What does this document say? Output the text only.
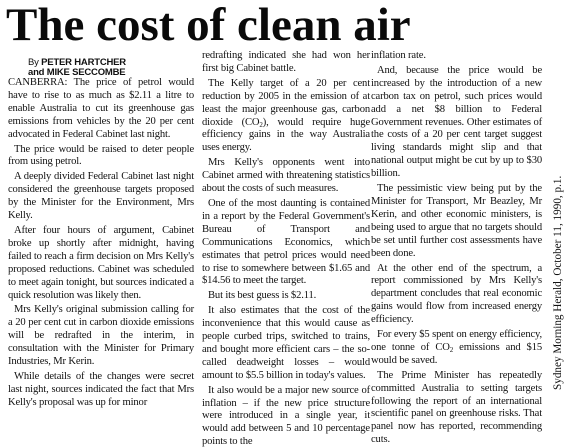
The cost of clean air
By PETER HARTCHER
and MIKE SECCOMBE

CANBERRA: The price of petrol would have to rise to as much as $2.11 a litre to enable Australia to cut its greenhouse gas emissions from vehicles by the 20 per cent advocated in Federal Cabinet last night.

The price would be raised to deter people from using petrol.

A deeply divided Federal Cabinet last night considered the greenhouse targets proposed by the Minister for the Environment, Mrs Kelly.

After four hours of argument, Cabinet broke up shortly after midnight, having failed to reach a firm decision on Mrs Kelly's proposed reductions. Cabinet was scheduled to meet again tonight, but sources indicated a quick resolution was likely then.

Mrs Kelly's original submission calling for a 20 per cent cut in carbon dioxide emissions will be redrafted in the interim, in consultation with the Minister for Primary Industries, Mr Kerin.

While details of the changes were secret last night, sources indicated the fact that Mrs Kelly's proposal was up for minor

redrafting indicated she had won her first big Cabinet battle.

The Kelly target of a 20 per cent reduction by 2005 in the emission of at least the major greenhouse gas, carbon dioxide $(CO_2)$, would require huge efficiency gains in the way Australia uses energy.

Mrs Kelly's opponents went into Cabinet armed with threatening statistics about the costs of such measures.

One of the most daunting is contained in a report by the Federal Government's Bureau of Transport and Communications Economics, which estimates that petrol prices would need to rise to somewhere between $1.65 and $14.56 to meet the target.

But its best guess is $2.11.

It also estimates that the cost of the inconvenience that this would cause as people curbed trips, switched to trains, and bought more efficient cars – the so-called deadweight losses – would amount to $5.5 billion in today's values.

It also would be a major new source of inflation – if the new price structure were introduced in a single year, it would add between 5 and 10 percentage points to the

inflation rate.

And, because the price would be increased by the introduction of a new carbon tax on petrol, such prices would add a net $8 billion to Federal Government revenues. Other estimates of the costs of a 20 per cent target suggest living standards might slip and that national output might be cut by up to $30 billion.

The pessimistic view being put by the Minister for Transport, Mr Beazley, Mr Kerin, and other economic ministers, is being used to argue that no targets should be set until further cost assessments have been done.

At the other end of the spectrum, a report commissioned by Mrs Kelly's department concludes that real economic gains would flow from increased energy efficiency.

For every $5 spent on energy efficiency, one tonne of $CO_2$ emissions and $15 would be saved.

The Prime Minister has repeatedly committed Australia to setting targets following the report of an international scientific panel on greenhouse risks. That panel now has reported, recommending cuts.

Sydney Morning Herald, October 11, 1990, p.1.
